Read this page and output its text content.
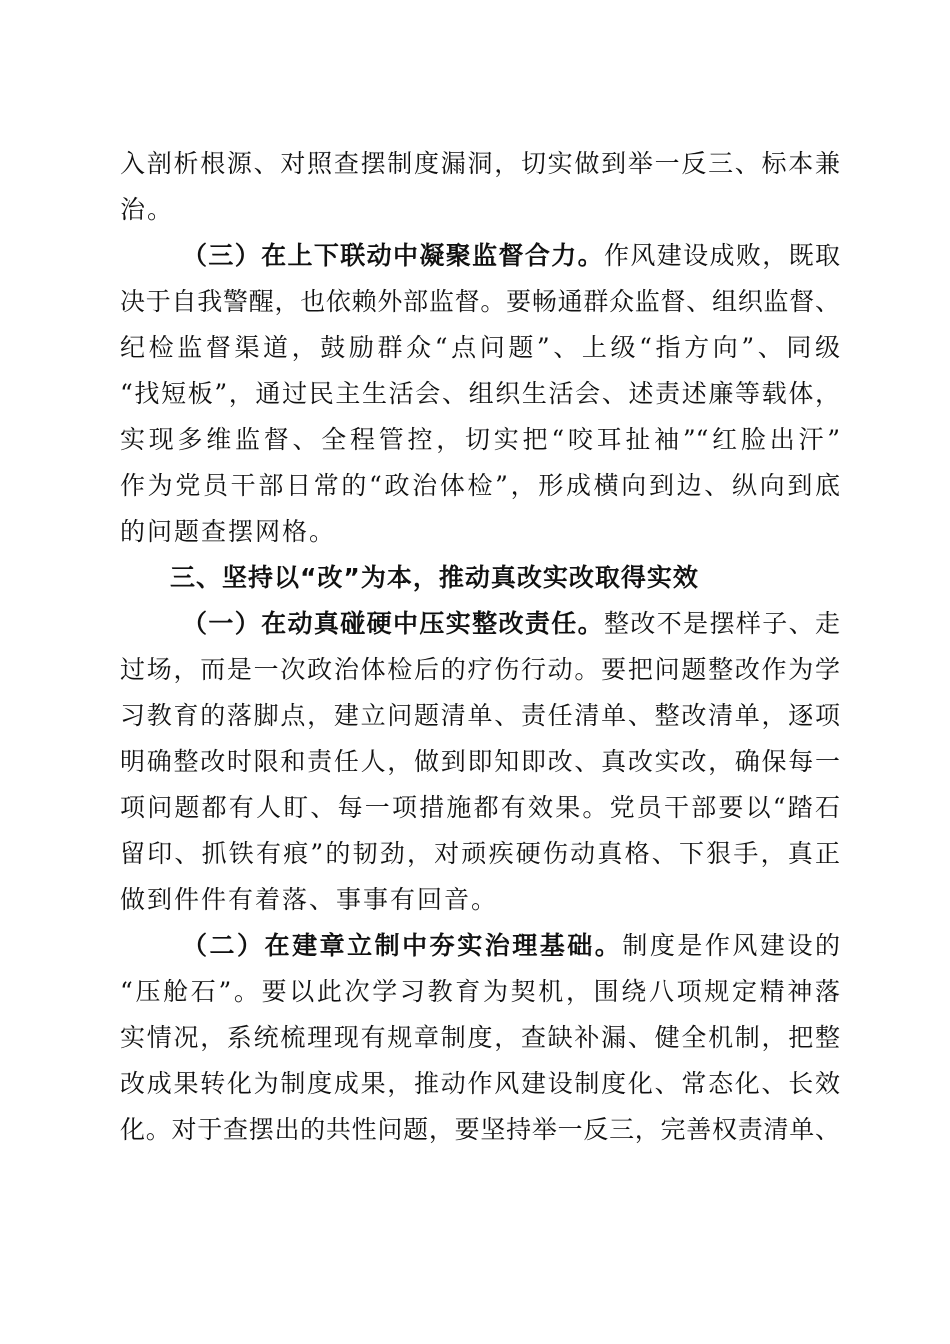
入剖析根源、对照查摆制度漏洞，切实做到举一反三、标本兼
治。
（三）在上下联动中凝聚监督合力。作风建设成败，既取
决于自我警醒，也依赖外部监督。要畅通群众监督、组织监督、
纪检监督渠道，鼓励群众“点问题”、上级“指方向”、同级
“找短板”，通过民主生活会、组织生活会、述责述廉等载体，
实现多维监督、全程管控，切实把“咬耳扯袖”“红脸出汗”
作为党员干部日常的“政治体检”，形成横向到边、纵向到底
的问题查摆网格。
三、坚持以“改”为本，推动真改实改取得实效
（一）在动真碰硬中压实整改责任。整改不是摆样子、走
过场，而是一次政治体检后的疗伤行动。要把问题整改作为学
习教育的落脚点，建立问题清单、责任清单、整改清单，逐项
明确整改时限和责任人，做到即知即改、真改实改，确保每一
项问题都有人盯、每一项措施都有效果。党员干部要以“踏石
留印、抓铁有痕”的韧劲，对顽疾硬伤动真格、下狠手，真正
做到件件有着落、事事有回音。
（二）在建章立制中夯实治理基础。制度是作风建设的
“压舱石”。要以此次学习教育为契机，围绕八项规定精神落
实情况，系统梳理现有规章制度，查缺补漏、健全机制，把整
改成果转化为制度成果，推动作风建设制度化、常态化、长效
化。对于查摆出的共性问题，要坚持举一反三，完善权责清单、
